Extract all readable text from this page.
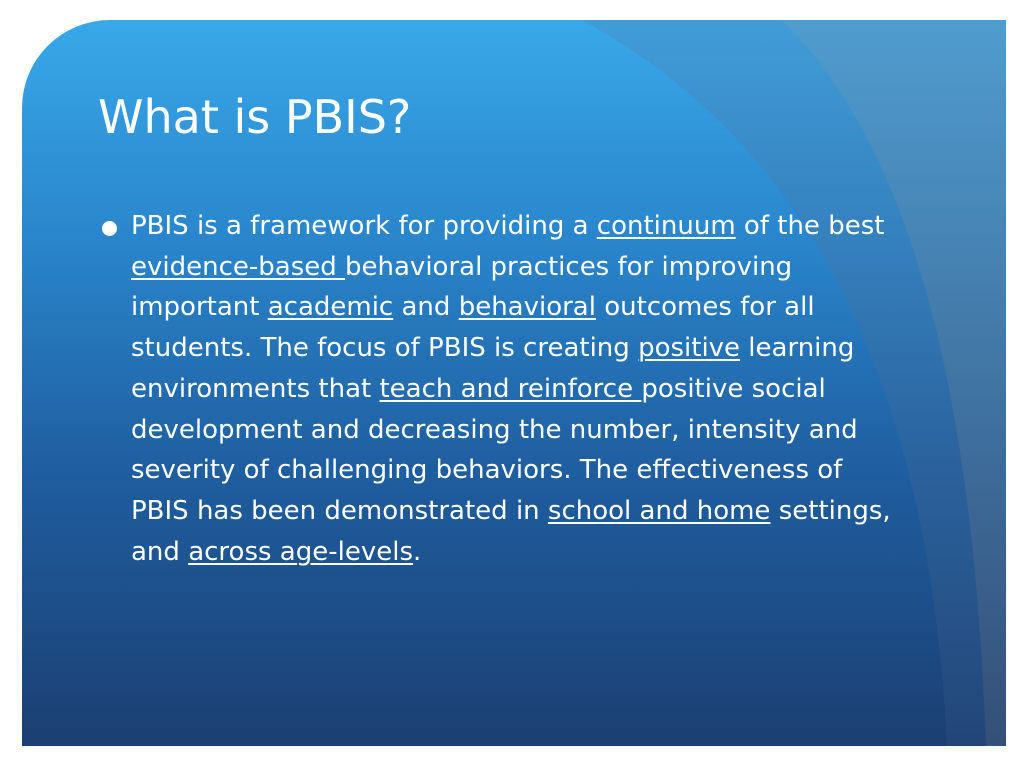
What is PBIS?
PBIS is a framework for providing a continuum of the best evidence-based behavioral practices for improving important academic and behavioral outcomes for all students. The focus of PBIS is creating positive learning environments that teach and reinforce positive social development and decreasing the number, intensity and severity of challenging behaviors. The effectiveness of PBIS has been demonstrated in school and home settings, and across age-levels.
